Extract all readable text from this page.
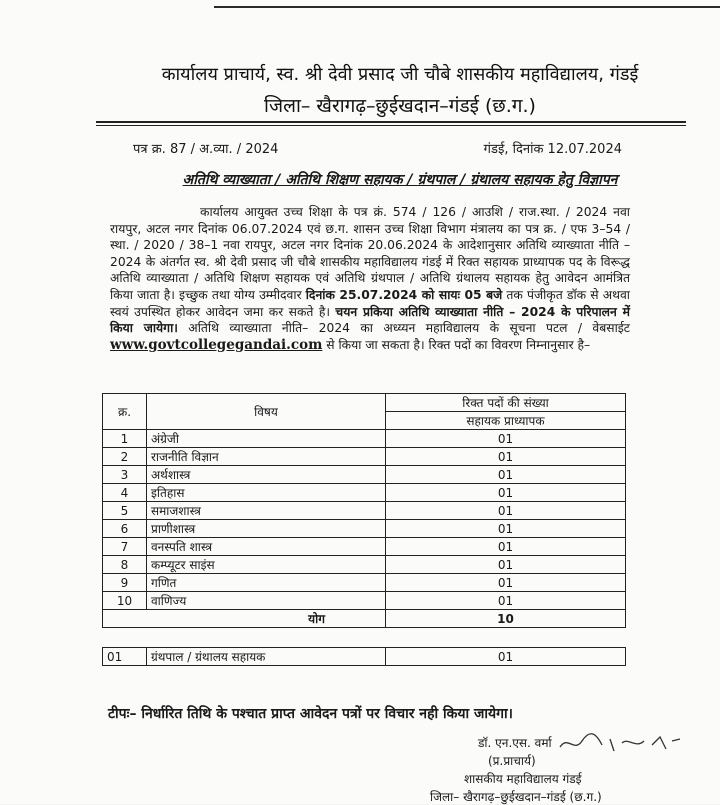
कार्यालय प्राचार्य, स्व. श्री देवी प्रसाद जी चौबे शासकीय महाविद्यालय, गंडई
जिला– खैरागढ़–छुईखदान–गंडई (छ.ग.)
पत्र क्र. 87 / अ.व्या. / 2024	गंडई, दिनांक 12.07.2024
अतिथि व्याख्याता / अतिथि शिक्षण सहायक / ग्रंथपाल / ग्रंथालय सहायक हेतु विज्ञापन
कार्यालय आयुक्त उच्च शिक्षा के पत्र क्रं. 574 / 126 / आउशि / राज.स्था. / 2024 नवा रायपुर, अटल नगर दिनांक 06.07.2024 एवं छ.ग. शासन उच्च शिक्षा विभाग मंत्रालय का पत्र क्र. / एफ 3–54 / स्था. / 2020 / 38–1 नवा रायपुर, अटल नगर दिनांक 20.06.2024 के आदेशानुसार अतिथि व्याख्याता नीति – 2024 के अंतर्गत स्व. श्री देवी प्रसाद जी चौबे शासकीय महाविद्यालय गंडई में रिक्त सहायक प्राध्यापक पद के विरूद्ध अतिथि व्याख्याता / अतिथि शिक्षण सहायक एवं अतिथि ग्रंथपाल / अतिथि ग्रंथालय सहायक हेतु आवेदन आमंत्रित किया जाता है। इच्छुक तथा योग्य उम्मीदवार दिनांक 25.07.2024 को सायः 05 बजे तक पंजीकृत डॉक से अथवा स्वयं उपस्थित होकर आवेदन जमा कर सकते है। चयन प्रकिया अतिथि व्याख्याता नीति – 2024 के परिपालन में किया जायेगा। अतिथि व्याख्याता नीति– 2024 का अध्य्यन महाविद्यालय के सूचना पटल / वेबसाईट www.govtcollegegandai.com से किया जा सकता है। रिक्त पदों का विवरण निम्नानुसार है–
क्र.	विषय	रिक्त पदों की संख्या
		सहायक प्राध्यापक
1	अंग्रेजी	01
2	राजनीति विज्ञान	01
3	अर्थशास्त्र	01
4	इतिहास	01
5	समाजशास्त्र	01
6	प्राणीशास्त्र	01
7	वनस्पति शास्त्र	01
8	कम्प्यूटर साइंस	01
9	गणित	01
10	वाणिज्य	01
योग		10
01	ग्रंथपाल / ग्रंथालय सहायक	01
टीपः– निर्धारित तिथि के पश्चात प्राप्त आवेदन पत्रों पर विचार नही किया जायेगा।
डॉ. एन.एस. वर्मा
(प्र.प्राचार्य)
शासकीय महाविद्यालय गंडई
जिला– खैरागढ़–छुईखदान–गंडई (छ.ग.)
